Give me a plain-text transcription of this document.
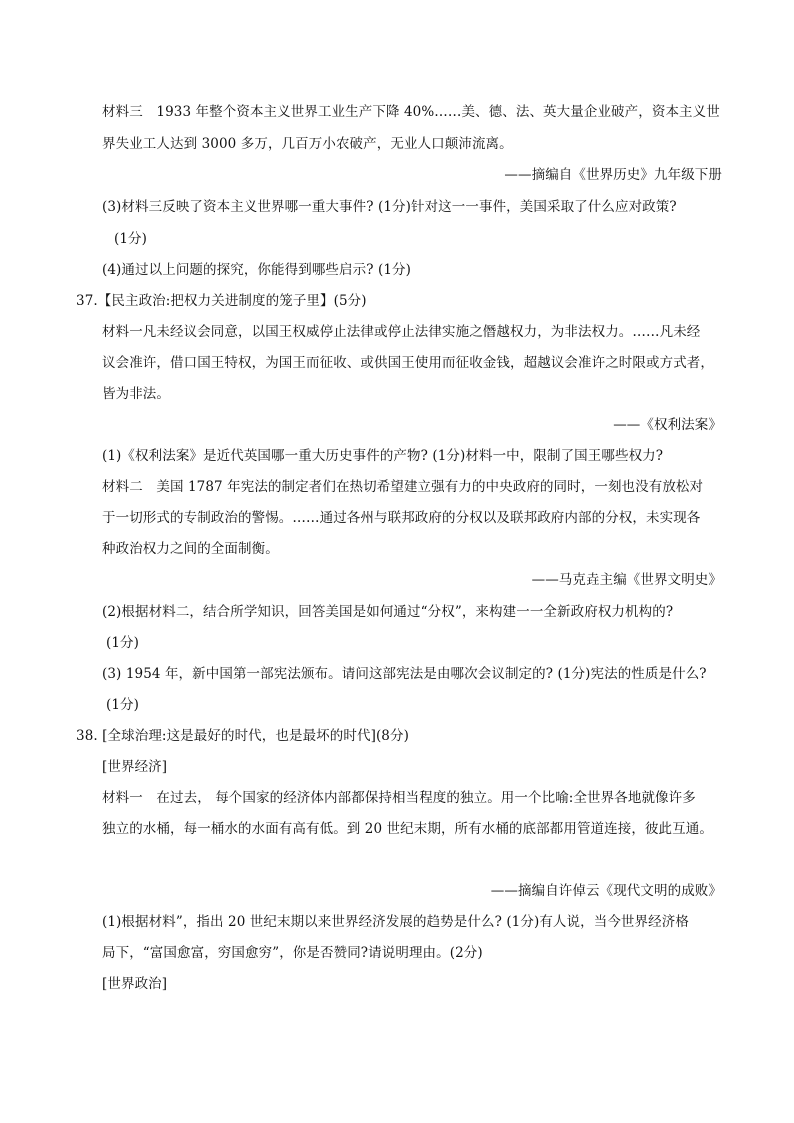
材料三　1933 年整个资本主义世界工业生产下降 40%……美、德、法、英大量企业破产，资本主义世
界失业工人达到 3000 多万，几百万小农破产，无业人口颠沛流离。
——摘编自《世界历史》九年级下册
(3)材料三反映了资本主义世界哪一重大事件? (1分)针对这一一事件，美国采取了什么应对政策?
(1分)
(4)通过以上问题的探究，你能得到哪些启示? (1分)
37.【民主政治:把权力关进制度的笼子里】(5分)
材料一凡未经议会同意，以国王权威停止法律或停止法律实施之僭越权力，为非法权力。……凡未经
议会准许，借口国王特权，为国王而征收、或供国王使用而征收金钱，超越议会准许之时限或方式者，
皆为非法。
——《权利法案》
(1)《权利法案》是近代英国哪一重大历史事件的产物? (1分)材料一中，限制了国王哪些权力?
材料二　美国 1787 年宪法的制定者们在热切希望建立强有力的中央政府的同时，一刻也没有放松对
于一切形式的专制政治的警惕。……通过各州与联邦政府的分权以及联邦政府内部的分权，未实现各
种政治权力之间的全面制衡。
——马克垚主编《世界文明史》
(2)根据材料二，结合所学知识，回答美国是如何通过“分权”，来构建一一全新政府权力机构的?
(1分)
(3) 1954 年，新中国第一部宪法颁布。请问这部宪法是由哪次会议制定的? (1分)宪法的性质是什么?
(1分)
38. [全球治理:这是最好的时代，也是最坏的时代](8分)
[世界经济]
材料一　在过去， 每个国家的经济体内部都保持相当程度的独立。用一个比喻:全世界各地就像许多
独立的水桶，每一桶水的水面有高有低。到 20 世纪末期，所有水桶的底部都用管道连接，彼此互通。
——摘编自许倬云《现代文明的成败》
(1)根据材料”，指出 20 世纪末期以来世界经济发展的趋势是什么? (1分)有人说，当今世界经济格
局下，“富国愈富，穷国愈穷”，你是否赞同?请说明理由。(2分)
[世界政治]
